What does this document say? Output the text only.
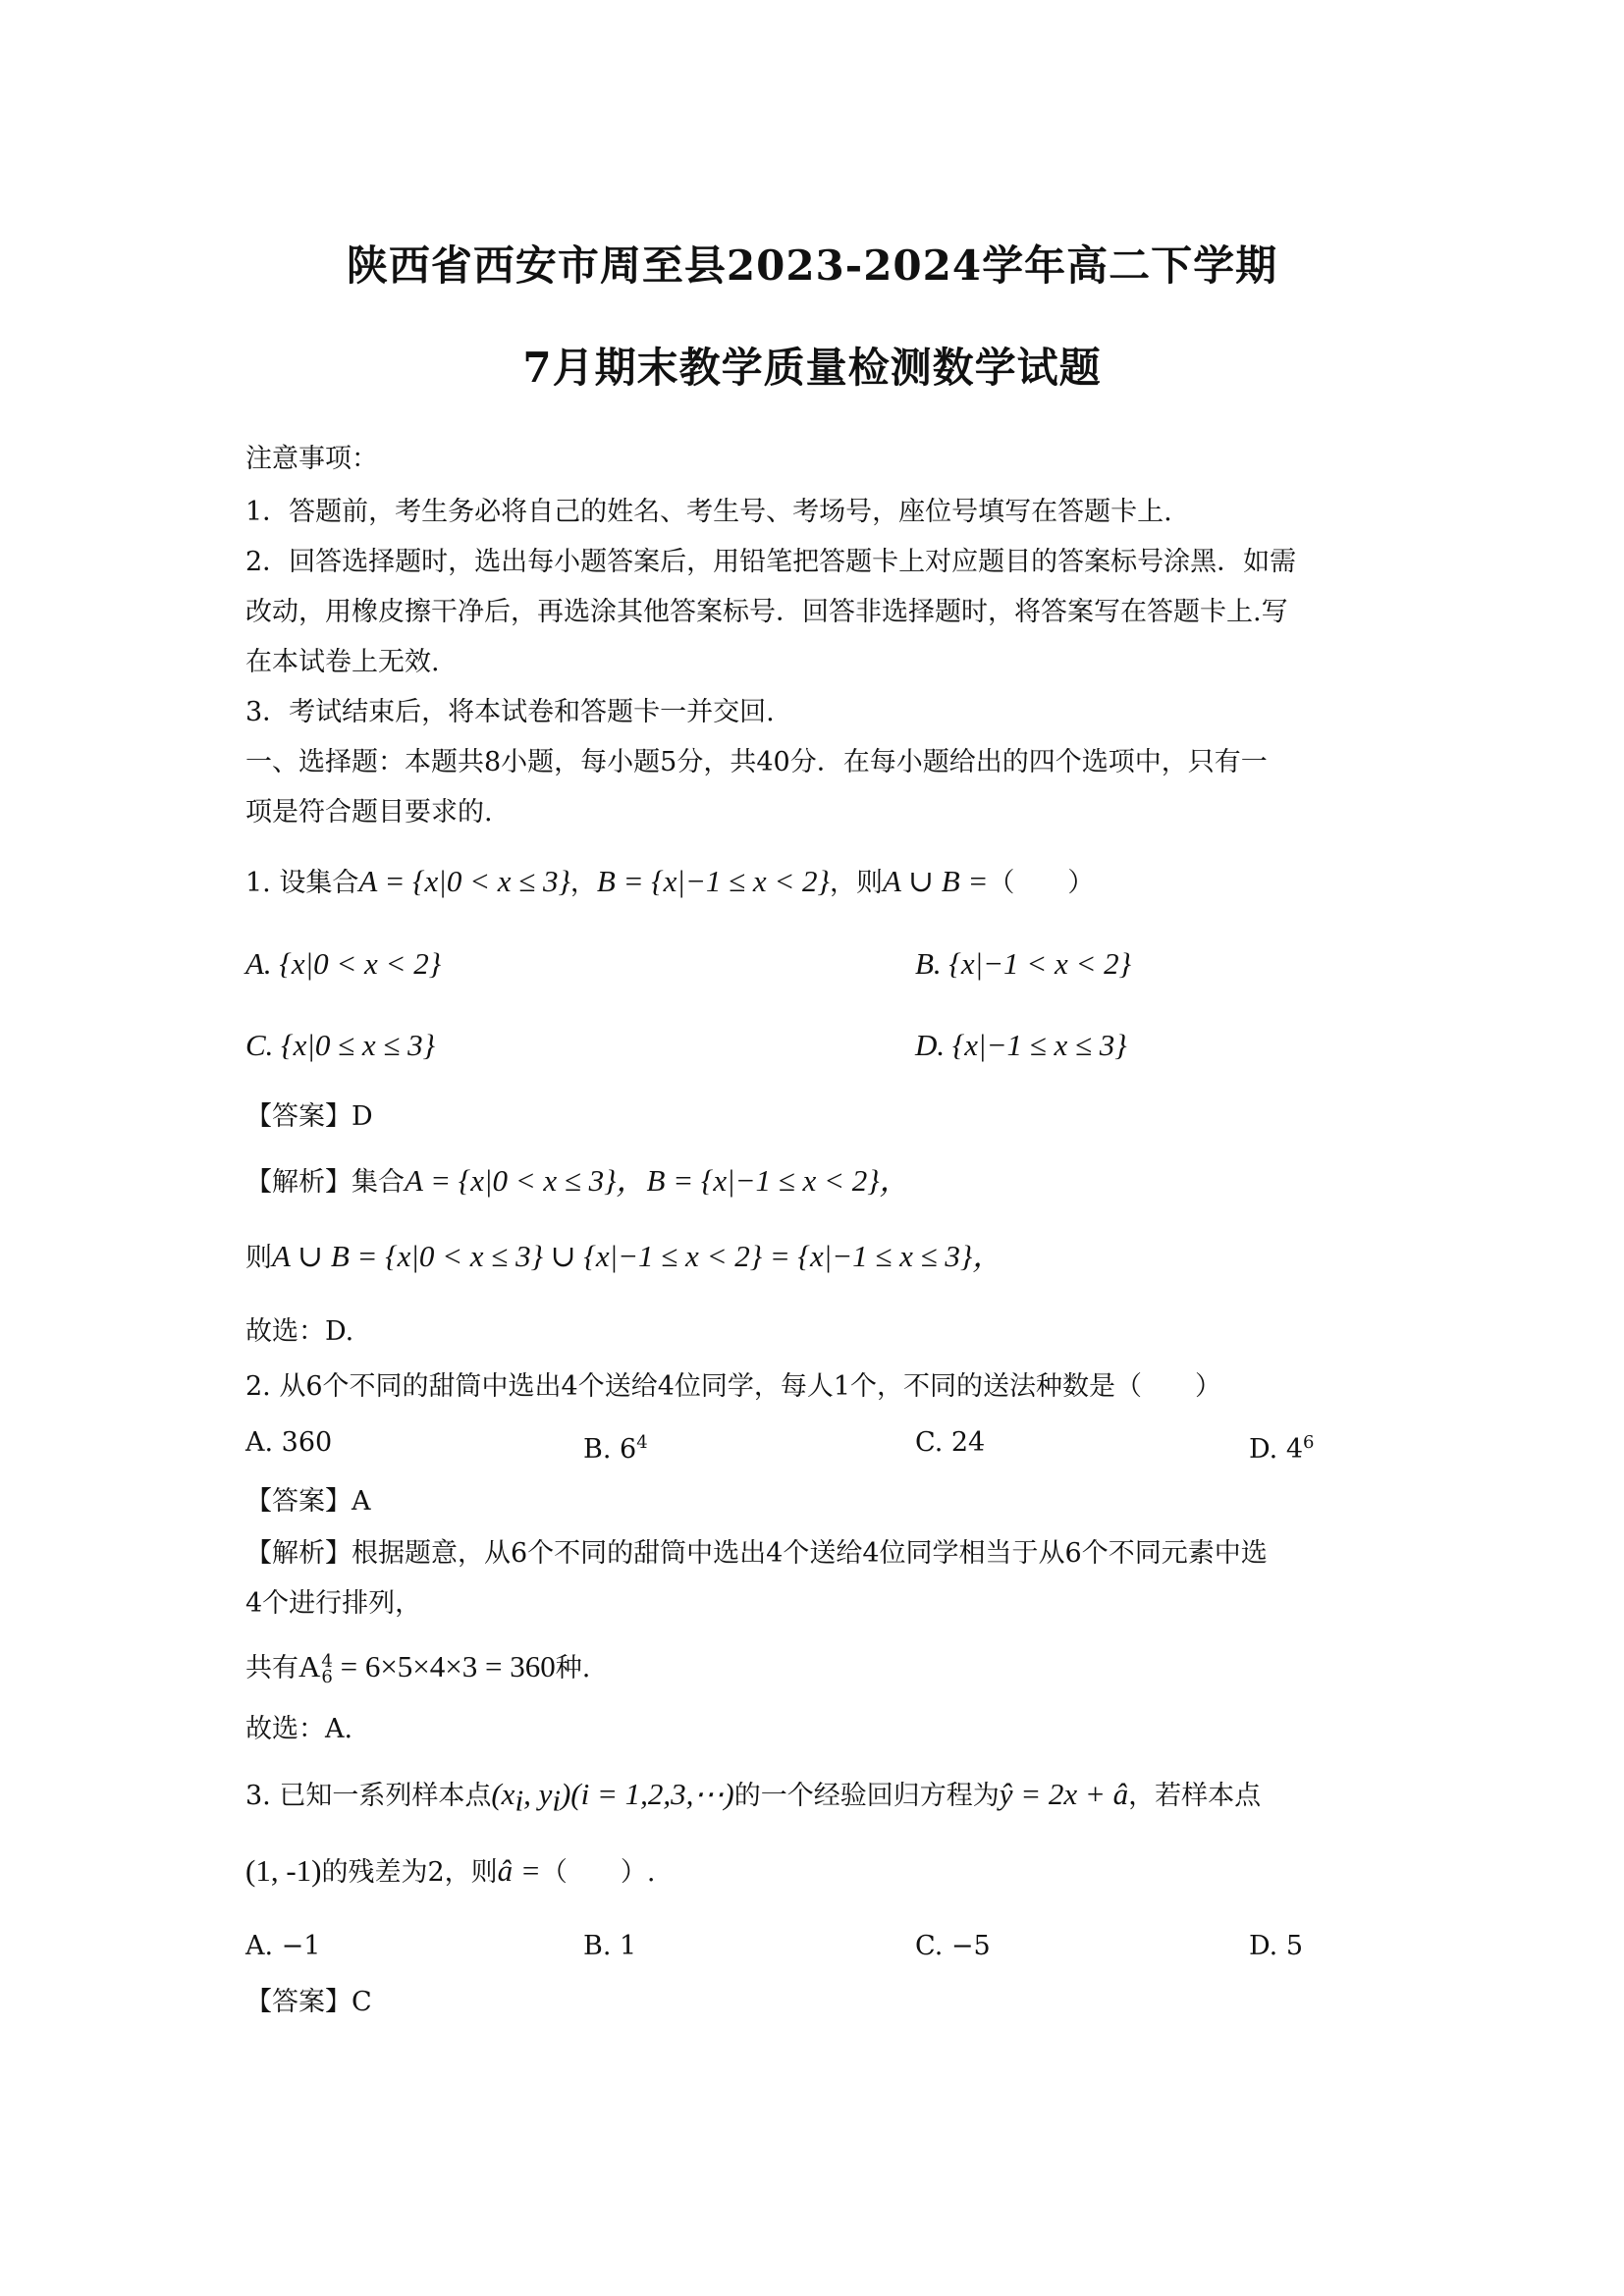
陕西省西安市周至县2023-2024学年高二下学期
7月期末教学质量检测数学试题
注意事项：
1．答题前，考生务必将自己的姓名、考生号、考场号，座位号填写在答题卡上.
2．回答选择题时，选出每小题答案后，用铅笔把答题卡上对应题目的答案标号涂黑．如需
改动，用橡皮擦干净后，再选涂其他答案标号．回答非选择题时，将答案写在答题卡上.写
在本试卷上无效.
3．考试结束后，将本试卷和答题卡一并交回.
一、选择题：本题共8小题，每小题5分，共40分．在每小题给出的四个选项中，只有一
项是符合题目要求的.
1. 设集合A = {x|0 < x ≤ 3}，B = {x|−1 ≤ x < 2}，则A ∪ B =（　　）
A. {x|0 < x < 2}	B. {x|−1 < x < 2}
C. {x|0 ≤ x ≤ 3}	D. {x|−1 ≤ x ≤ 3}
【答案】D
【解析】集合A = {x|0 < x ≤ 3}，B = {x|−1 ≤ x < 2}，
则A ∪ B = {x|0 < x ≤ 3} ∪ {x|−1 ≤ x < 2} = {x|−1 ≤ x ≤ 3}，
故选：D.
2. 从6个不同的甜筒中选出4个送给4位同学，每人1个，不同的送法种数是（　　）
A. 360	B. $6^4$	C. 24	D. $4^6$
【答案】A
【解析】根据题意，从6个不同的甜筒中选出4个送给4位同学相当于从6个不同元素中选
4个进行排列，
共有A 4
6 = 6×5×4×3 = 360种.
故选：A.
3. 已知一系列样本点($x_i$, $y_i)(i$ = 1,2,3,⋯)的一个经验回归方程为ŷ = 2x + â，若样本点
(1, -1)的残差为2，则â =（　　）.
A. −1	B. 1	C. −5	D. 5
【答案】C
